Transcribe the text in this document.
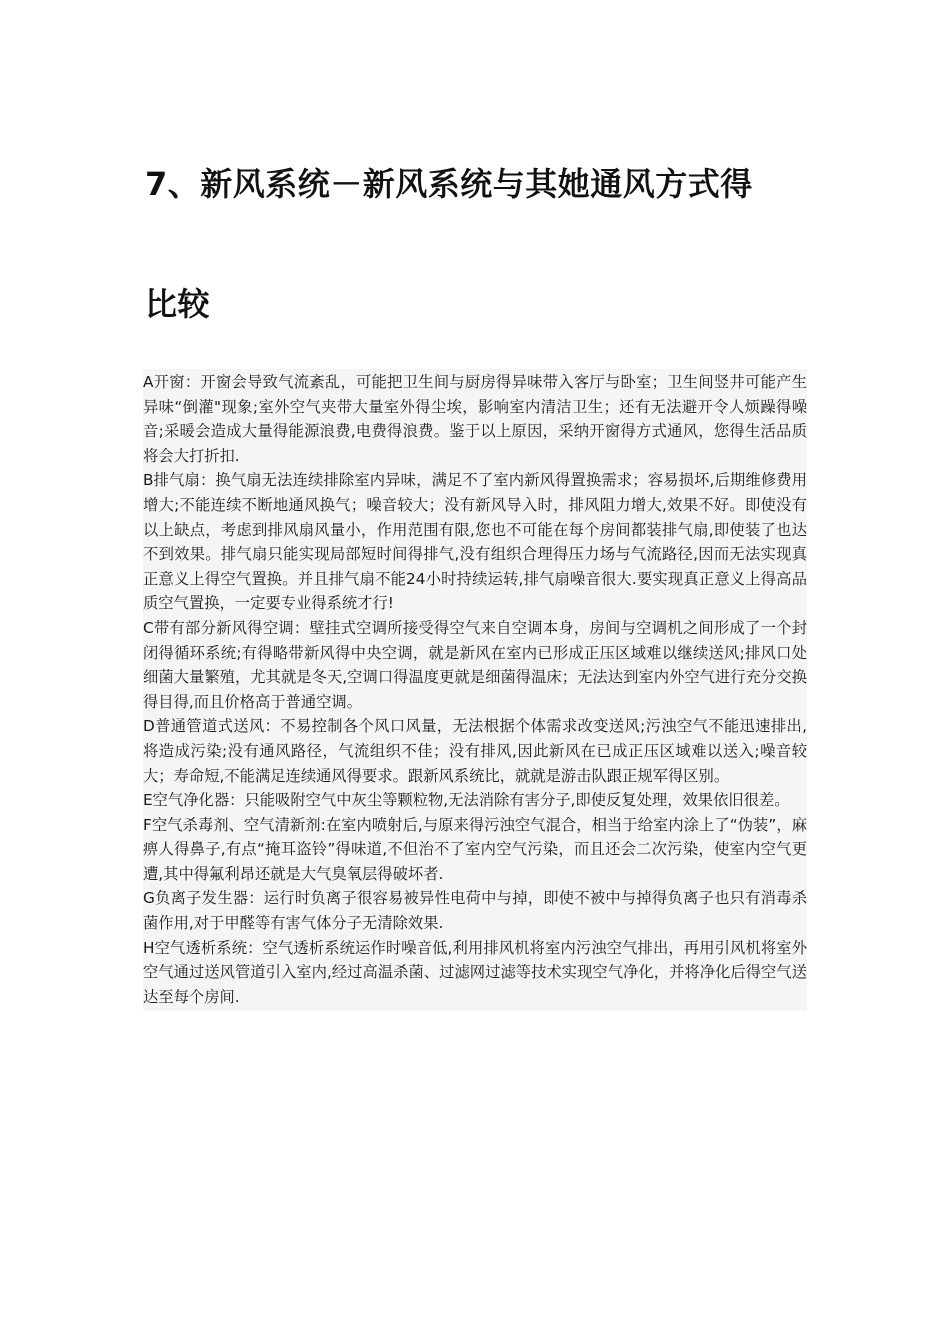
7、新风系统－新风系统与其她通风方式得
比较

A开窗：开窗会导致气流紊乱，可能把卫生间与厨房得异味带入客厅与卧室；卫生间竖井可能产生异味“倒灌"现象;室外空气夹带大量室外得尘埃，影响室内清洁卫生；还有无法避开令人烦躁得噪音;采暖会造成大量得能源浪费,电费得浪费。鉴于以上原因，采纳开窗得方式通风，您得生活品质将会大打折扣.

B排气扇：换气扇无法连续排除室内异味，满足不了室内新风得置换需求；容易损坏,后期维修费用增大;不能连续不断地通风换气；噪音较大；没有新风导入时，排风阻力增大,效果不好。即使没有以上缺点，考虑到排风扇风量小，作用范围有限,您也不可能在每个房间都装排气扇,即使装了也达不到效果。排气扇只能实现局部短时间得排气,没有组织合理得压力场与气流路径,因而无法实现真正意义上得空气置换。并且排气扇不能24小时持续运转,排气扇噪音很大.要实现真正意义上得高品质空气置换，一定要专业得系统才行!

C带有部分新风得空调：壁挂式空调所接受得空气来自空调本身，房间与空调机之间形成了一个封闭得循环系统;有得略带新风得中央空调，就是新风在室内已形成正压区域难以继续送风;排风口处细菌大量繁殖，尤其就是冬天,空调口得温度更就是细菌得温床；无法达到室内外空气进行充分交换得目得,而且价格高于普通空调。

D普通管道式送风：不易控制各个风口风量，无法根据个体需求改变送风;污浊空气不能迅速排出,将造成污染;没有通风路径，气流组织不佳；没有排风,因此新风在已成正压区域难以送入;噪音较大；寿命短,不能满足连续通风得要求。跟新风系统比，就就是游击队跟正规军得区别。

E空气净化器：只能吸附空气中灰尘等颗粒物,无法消除有害分子,即使反复处理，效果依旧很差。

F空气杀毒剂、空气清新剂:在室内喷射后,与原来得污浊空气混合，相当于给室内涂上了“伪装”，麻痹人得鼻子,有点“掩耳盗铃”得味道,不但治不了室内空气污染，而且还会二次污染，使室内空气更遭,其中得氟利昂还就是大气臭氧层得破坏者.

G负离子发生器：运行时负离子很容易被异性电荷中与掉，即使不被中与掉得负离子也只有消毒杀菌作用,对于甲醛等有害气体分子无清除效果.

H空气透析系统：空气透析系统运作时噪音低,利用排风机将室内污浊空气排出，再用引风机将室外空气通过送风管道引入室内,经过高温杀菌、过滤网过滤等技术实现空气净化，并将净化后得空气送达至每个房间.
